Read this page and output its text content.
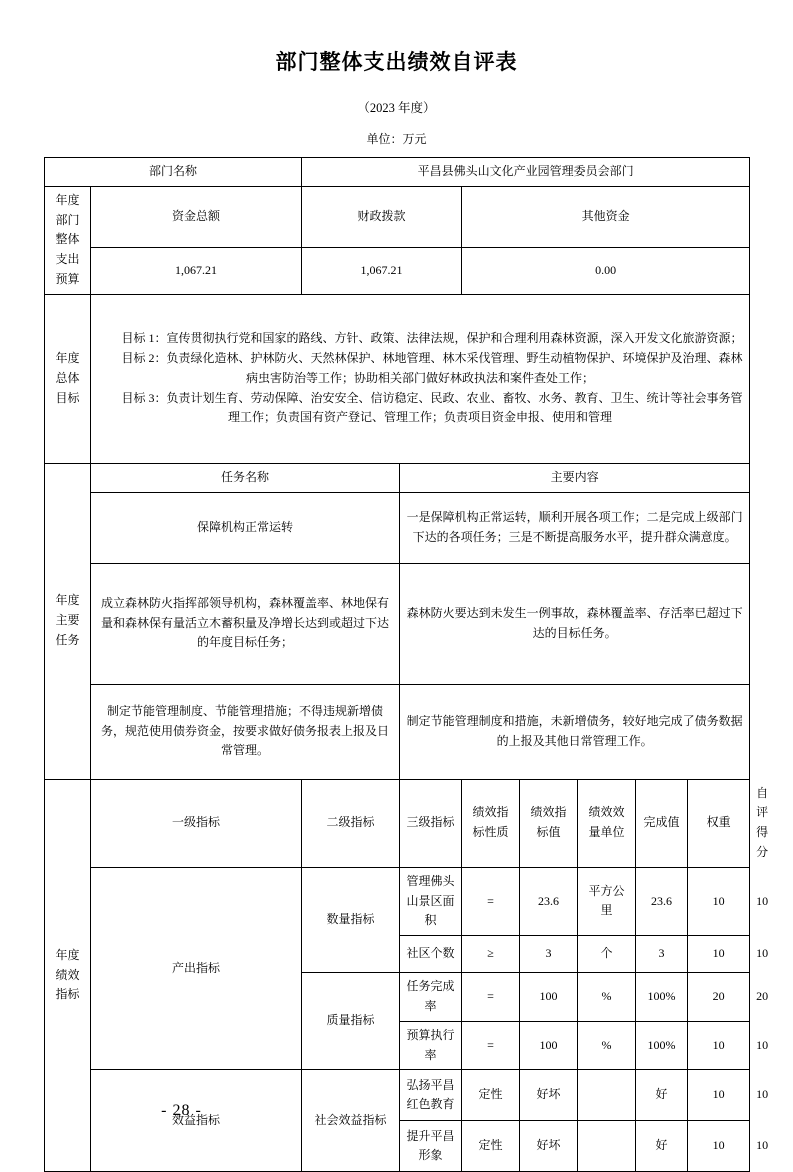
部门整体支出绩效自评表
（2023 年度）
单位：万元
部门名称		平昌县佛头山文化产业园管理委员会部门							
年度部门整体支出预算	资金总额	财政拨款		其他资金					
	1,067.21	1,067.21		0.00					
年度总体目标	目标 1：宣传贯彻执行党和国家的路线、方针、政策、法律法规，保护和合理利用森林资源，深入开发文化旅游资源；

目标 2：负责绿化造林、护林防火、天然林保护、林地管理、林木采伐管理、野生动植物保护、环境保护及治理、森林病虫害防治等工作；协助相关部门做好林政执法和案件查处工作；

目标 3：负责计划生育、劳动保障、治安安全、信访稳定、民政、农业、畜牧、水务、教育、卫生、统计等社会事务管理工作；负责国有资产登记、管理工作；负责项目资金申报、使用和管理								

年度主要任务	任务名称		主要内容						
	保障机构正常运转		一是保障机构正常运转，顺利开展各项工作；二是完成上级部门下达的各项任务；三是不断提高服务水平，提升群众满意度。						
	成立森林防火指挥部领导机构，森林覆盖率、林地保有量和森林保有量活立木蓄积量及净增长达到或超过下达的年度目标任务；		森林防火要达到未发生一例事故，森林覆盖率、存活率已超过下达的目标任务。						
	制定节能管理制度、节能管理措施；不得违规新增债务，规范使用债券资金，按要求做好债务报表上报及日常管理。		制定节能管理制度和措施，未新增债务，较好地完成了债务数据的上报及其他日常管理工作。						
年度绩效指标	一级指标	二级指标	三级指标	绩效指标性质	绩效指标值	绩效效量单位	完成值	权重	自评得分
	产出指标	数量指标	管理佛头山景区面积	=	23.6	平方公里	23.6	10	10
			社区个数	≥	3	个	3	10	10
		质量指标	任务完成率	=	100	%	100%	20	20
			预算执行率	=	100	%	100%	10	10
	效益指标	社会效益指标	弘扬平昌红色教育	定性	好坏		好	10	10
			提升平昌形象	定性	好坏		好	10	10
- 28 -
